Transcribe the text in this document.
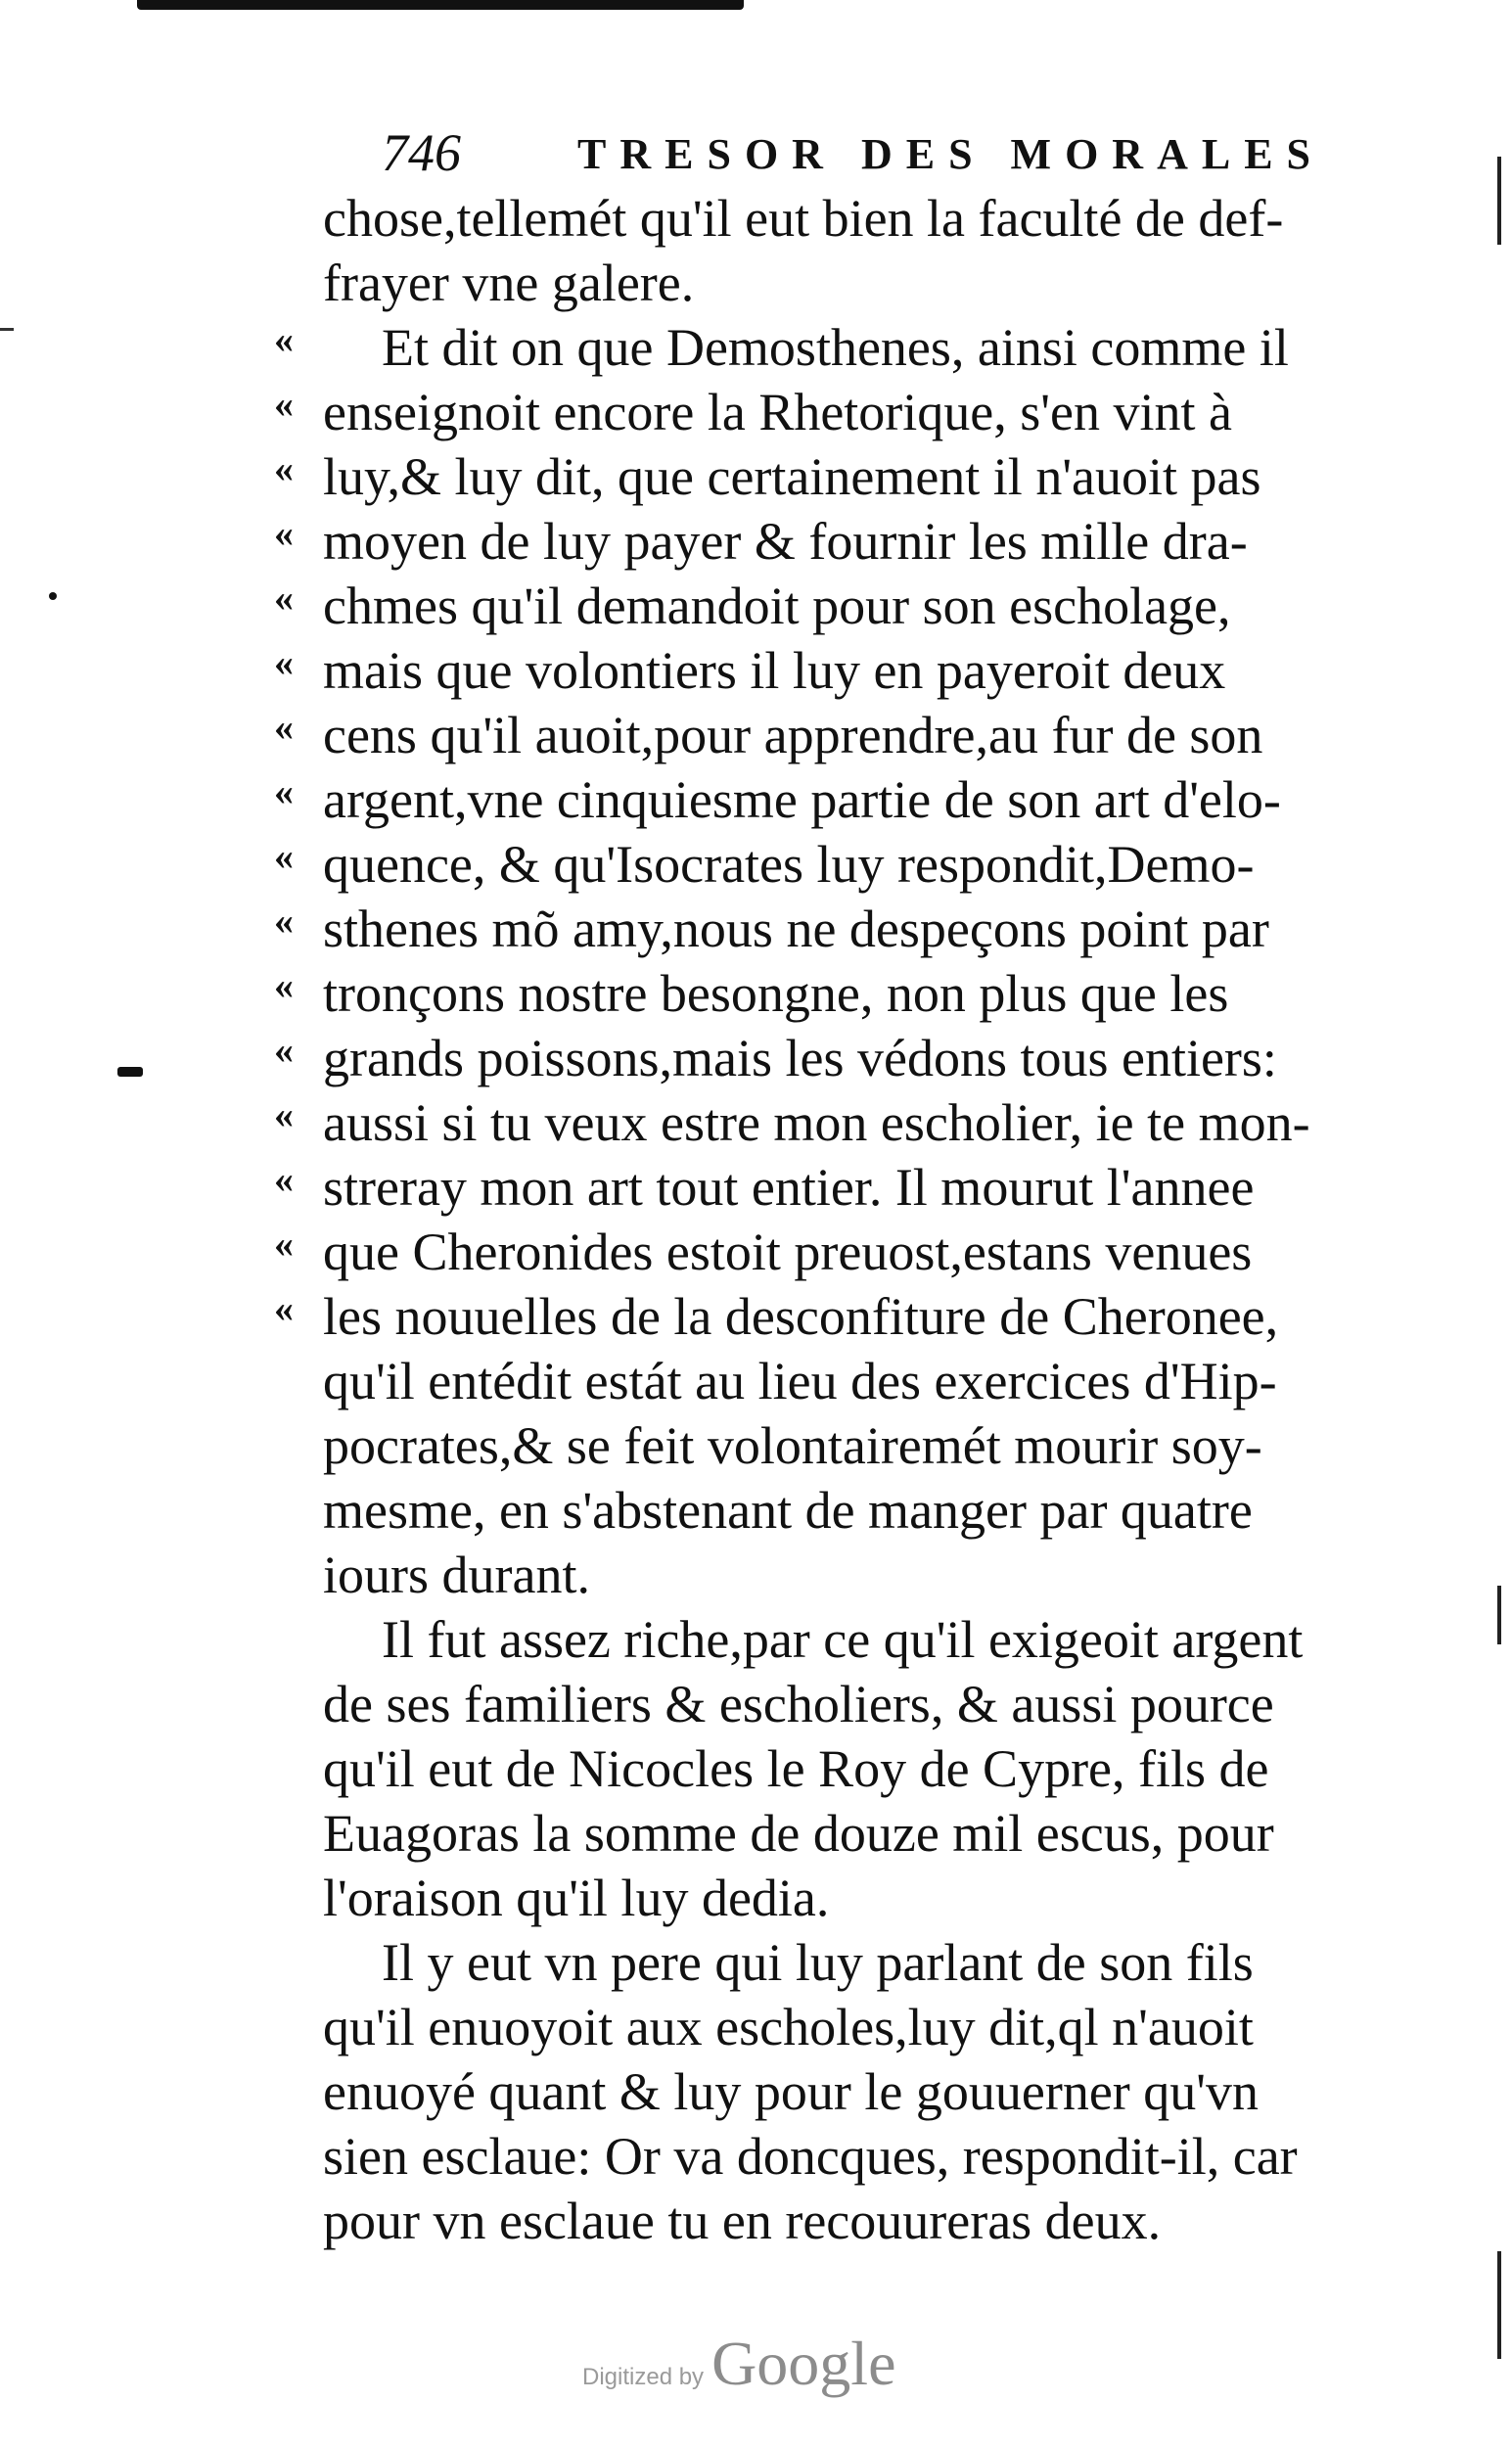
746	TRESOR DES MORALES
chose,tellemét qu'il eut bien la faculté de def-
frayer vne galere.
« Et dit on que Demosthenes, ainsi comme il
« enseignoit encore la Rhetorique, s'en vint à
« luy,& luy dit, que certainement il n'auoit pas
« moyen de luy payer & fournir les mille dra-
« chmes qu'il demandoit pour son escholage,
« mais que volontiers il luy en payeroit deux
« cens qu'il auoit,pour apprendre,au fur de son
« argent,vne cinquiesme partie de son art d'elo-
« quence, & qu'Isocrates luy respondit,Demo-
« sthenes mõ amy,nous ne despeçons point par
« tronçons nostre besongne, non plus que les
« grands poissons,mais les védons tous entiers:
« aussi si tu veux estre mon escholier, ie te mon-
« streray mon art tout entier. Il mourut l'annee
« que Cheronides estoit preuost,estans venues
« les nouuelles de la desconfiture de Cheronee,
qu'il entédit estát au lieu des exercices d'Hip-
pocrates,& se feit volontairemét mourir soy-
mesme, en s'abstenant de manger par quatre
iours durant.
Il fut assez riche,par ce qu'il exigeoit argent
de ses familiers & escholiers, & aussi pource
qu'il eut de Nicocles le Roy de Cypre, fils de
Euagoras la somme de douze mil escus, pour
l'oraison qu'il luy dedia.
Il y eut vn pere qui luy parlant de son fils
qu'il enuoyoit aux escholes,luy dit,ql n'auoit
enuoyé quant & luy pour le gouuerner qu'vn
sien esclaue: Or va doncques, respondit-il, car
pour vn esclaue tu en recouureras deux.
Digitized by Google
